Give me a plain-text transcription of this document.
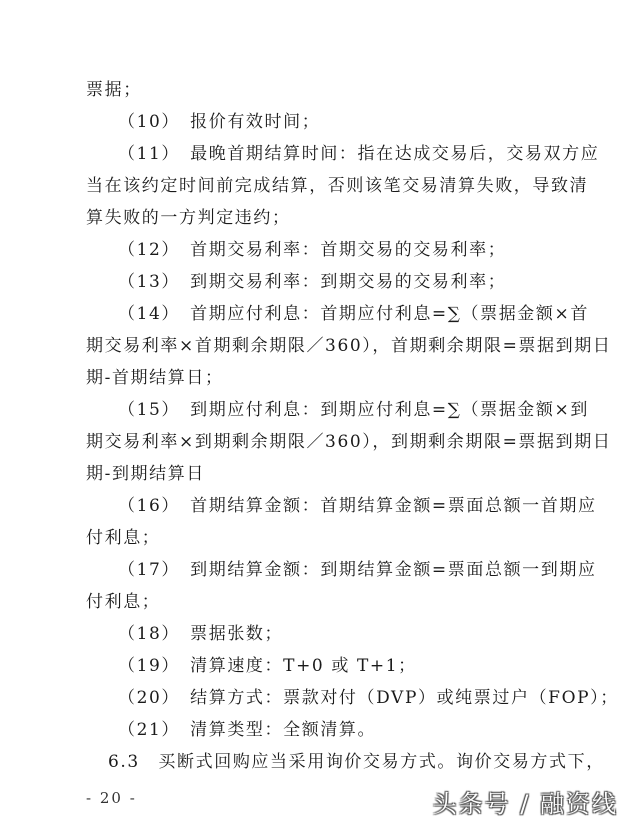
票据；
（10）　报价有效时间；
（11）　最晚首期结算时间：指在达成交易后，交易双方应
当在该约定时间前完成结算，否则该笔交易清算失败，导致清
算失败的一方判定违约；
（12）　首期交易利率：首期交易的交易利率；
（13）　到期交易利率：到期交易的交易利率；
（14）　首期应付利息：首期应付利息=∑（票据金额×首
期交易利率×首期剩余期限／360），首期剩余期限=票据到期日
期-首期结算日；
（15）　到期应付利息：到期应付利息=∑（票据金额×到
期交易利率×到期剩余期限／360），到期剩余期限=票据到期日
期-到期结算日
（16）　首期结算金额：首期结算金额=票面总额一首期应
付利息；
（17）　到期结算金额：到期结算金额=票面总额一到期应
付利息；
（18）　票据张数；
（19）　清算速度：T+0 或 T+1；
（20）　结算方式：票款对付（DVP）或纯票过户（FOP）；
（21）　清算类型：全额清算。
6.3　买断式回购应当采用询价交易方式。询价交易方式下，
- 20 -	头条号 / 融资线
